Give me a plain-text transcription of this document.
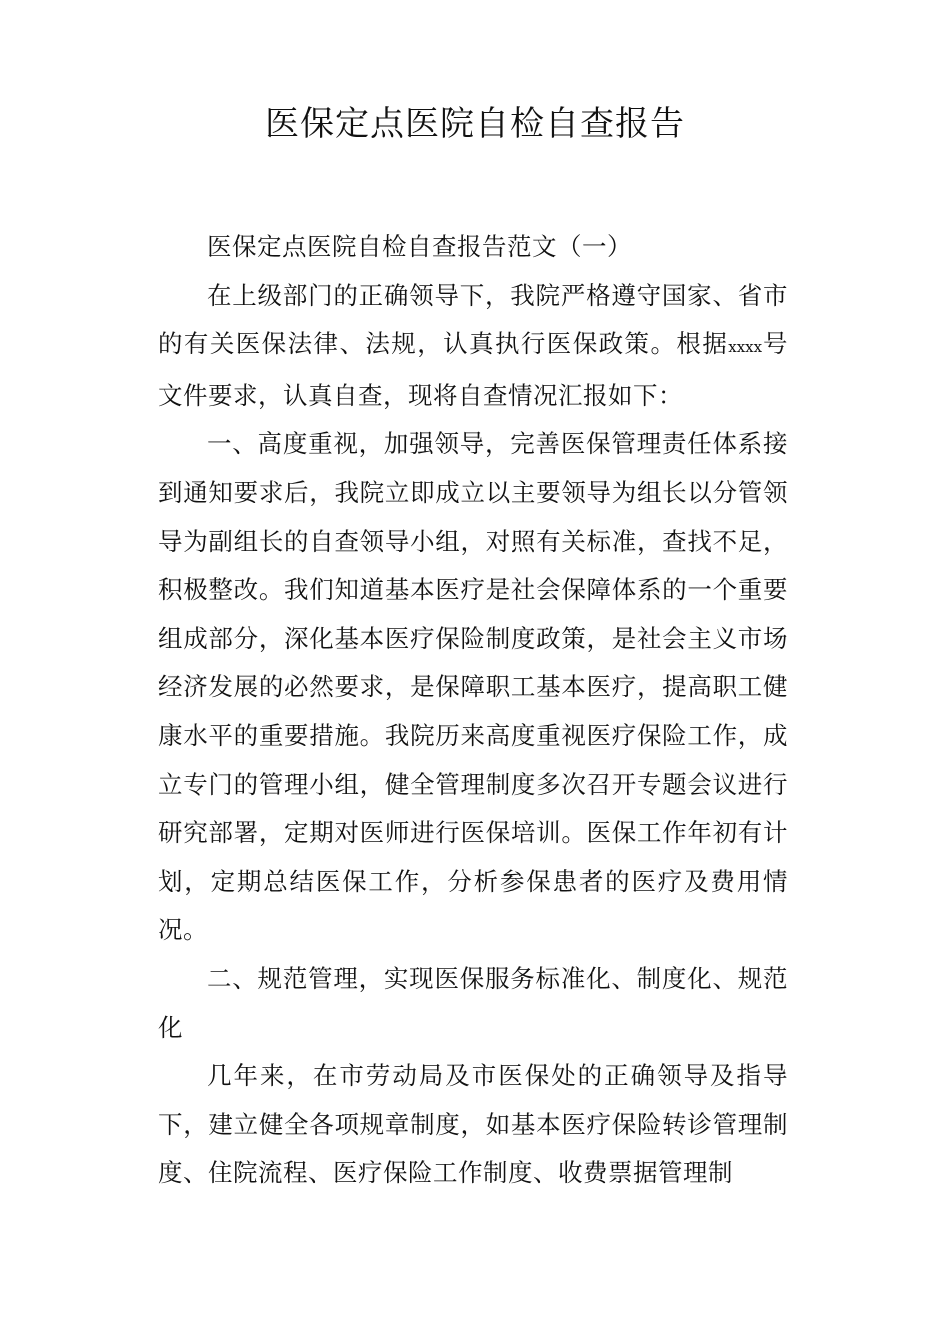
医保定点医院自检自查报告

医保定点医院自检自查报告范文（一）

在上级部门的正确领导下，我院严格遵守国家、省市的有关医保法律、法规，认真执行医保政策。根据xxxx号文件要求，认真自查，现将自查情况汇报如下：

一、高度重视，加强领导，完善医保管理责任体系接到通知要求后，我院立即成立以主要领导为组长以分管领导为副组长的自查领导小组，对照有关标准，查找不足，积极整改。我们知道基本医疗是社会保障体系的一个重要组成部分，深化基本医疗保险制度政策，是社会主义市场经济发展的必然要求，是保障职工基本医疗，提高职工健康水平的重要措施。我院历来高度重视医疗保险工作，成立专门的管理小组，健全管理制度多次召开专题会议进行研究部署，定期对医师进行医保培训。医保工作年初有计划，定期总结医保工作，分析参保患者的医疗及费用情况。

二、规范管理，实现医保服务标准化、制度化、规范化

几年来，在市劳动局及市医保处的正确领导及指导下，建立健全各项规章制度，如基本医疗保险转诊管理制度、住院流程、医疗保险工作制度、收费票据管理制
